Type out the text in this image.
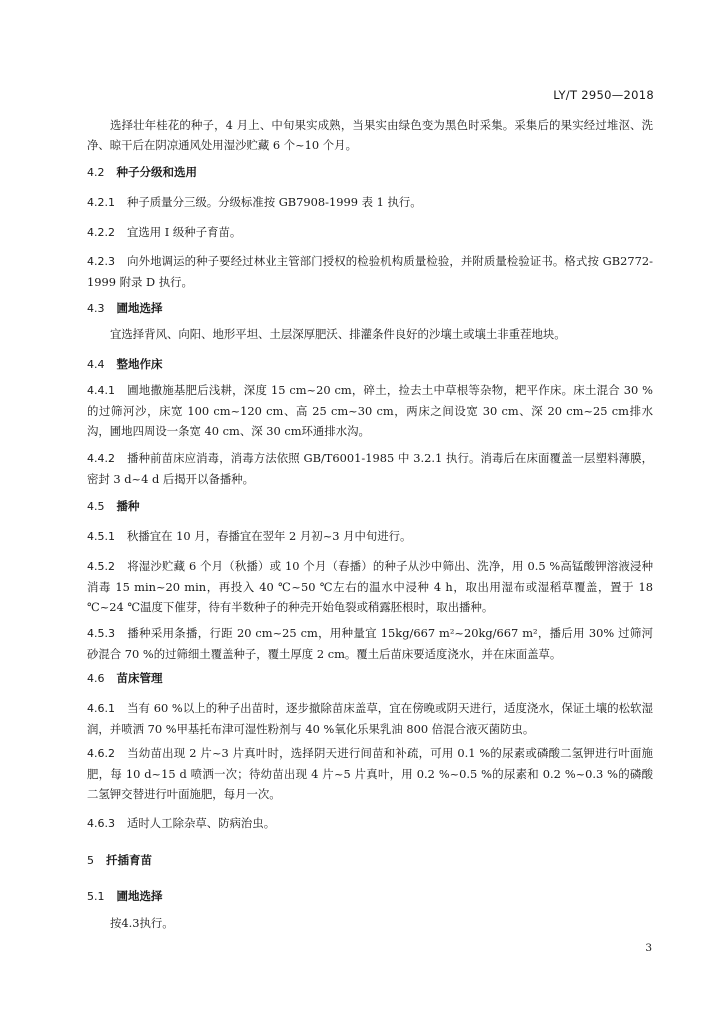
LY/T 2950—2018

选择壮年桂花的种子，4 月上、中旬果实成熟，当果实由绿色变为黑色时采集。采集后的果实经过堆沤、洗净、晾干后在阴凉通风处用湿沙贮藏 6 个~10 个月。

4.2 种子分级和选用

4.2.1 种子质量分三级。分级标准按 GB7908-1999 表 1 执行。

4.2.2 宜选用 I 级种子育苗。

4.2.3 向外地调运的种子要经过林业主管部门授权的检验机构质量检验，并附质量检验证书。格式按 GB2772-1999 附录 D 执行。

4.3 圃地选择

宜选择背风、向阳、地形平坦、土层深厚肥沃、排灌条件良好的沙壤土或壤土非重茬地块。

4.4 整地作床

4.4.1 圃地撒施基肥后浅耕，深度 15 cm~20 cm，碎土，捡去土中草根等杂物，耙平作床。床土混合 30 %的过筛河沙，床宽 100 cm~120 cm、高 25 cm~30 cm，两床之间设宽 30 cm、深 20 cm~25 cm排水沟，圃地四周设一条宽 40 cm、深 30 cm环通排水沟。

4.4.2 播种前苗床应消毒，消毒方法依照 GB/T6001-1985 中 3.2.1 执行。消毒后在床面覆盖一层塑料薄膜，密封 3 d~4 d 后揭开以备播种。

4.5 播种

4.5.1 秋播宜在 10 月，春播宜在翌年 2 月初~3 月中旬进行。

4.5.2 将湿沙贮藏 6 个月（秋播）或 10 个月（春播）的种子从沙中筛出、洗净，用 0.5 %高锰酸钾溶液浸种消毒 15 min~20 min，再投入 40 ℃~50 ℃左右的温水中浸种 4 h，取出用湿布或湿稻草覆盖，置于 18 ℃~24 ℃温度下催芽，待有半数种子的种壳开始龟裂或稍露胚根时，取出播种。

4.5.3 播种采用条播，行距 20 cm~25 cm，用种量宜 15kg/667 m²~20kg/667 m²，播后用 30% 过筛河砂混合 70 %的过筛细土覆盖种子，覆土厚度 2 cm。覆土后苗床要适度浇水，并在床面盖草。

4.6 苗床管理

4.6.1 当有 60 %以上的种子出苗时，逐步撤除苗床盖草，宜在傍晚或阴天进行，适度浇水，保证土壤的松软湿润，并喷洒 70 %甲基托布津可湿性粉剂与 40 %氧化乐果乳油 800 倍混合液灭菌防虫。

4.6.2 当幼苗出现 2 片~3 片真叶时，选择阴天进行间苗和补疏，可用 0.1 %的尿素或磷酸二氢钾进行叶面施肥，每 10 d~15 d 喷洒一次；待幼苗出现 4 片~5 片真叶，用 0.2 %~0.5 %的尿素和 0.2 %~0.3 %的磷酸二氢钾交替进行叶面施肥，每月一次。

4.6.3 适时人工除杂草、防病治虫。

5 扦插育苗

5.1 圃地选择

按4.3执行。

3
